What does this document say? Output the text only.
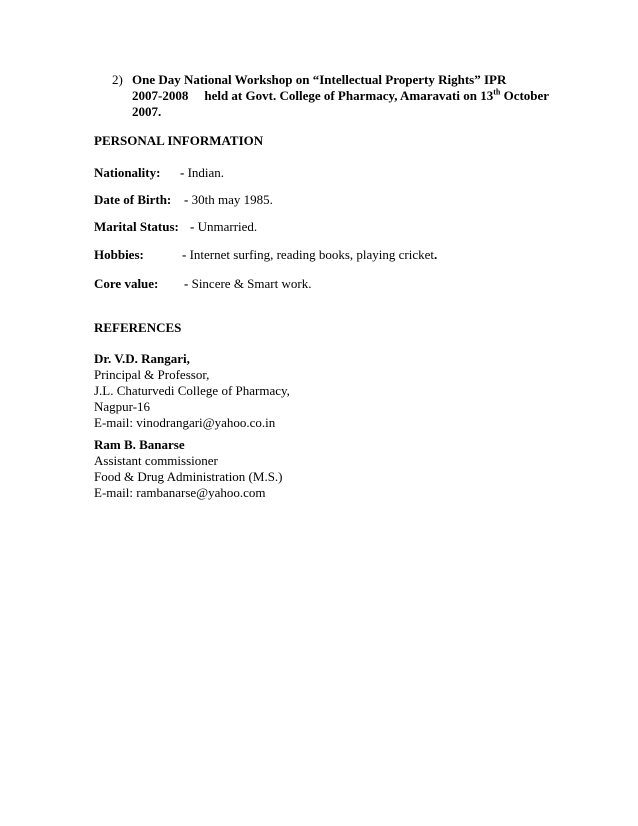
2) One Day National Workshop on “Intellectual Property Rights” IPR
2007-2008 held at Govt. College of Pharmacy, Amaravati on 13th October
2007.
PERSONAL INFORMATION
Nationality: - Indian.
Date of Birth: - 30th may 1985.
Marital Status: - Unmarried.
Hobbies:	- Internet surfing, reading books, playing cricket.
Core value: - Sincere & Smart work.
REFERENCES
Dr. V.D. Rangari,
Principal & Professor,
J.L. Chaturvedi College of Pharmacy,
Nagpur-16
E-mail: vinodrangari@yahoo.co.in
Ram B. Banarse
Assistant commissioner
Food & Drug Administration (M.S.)
E-mail: rambanarse@yahoo.com
